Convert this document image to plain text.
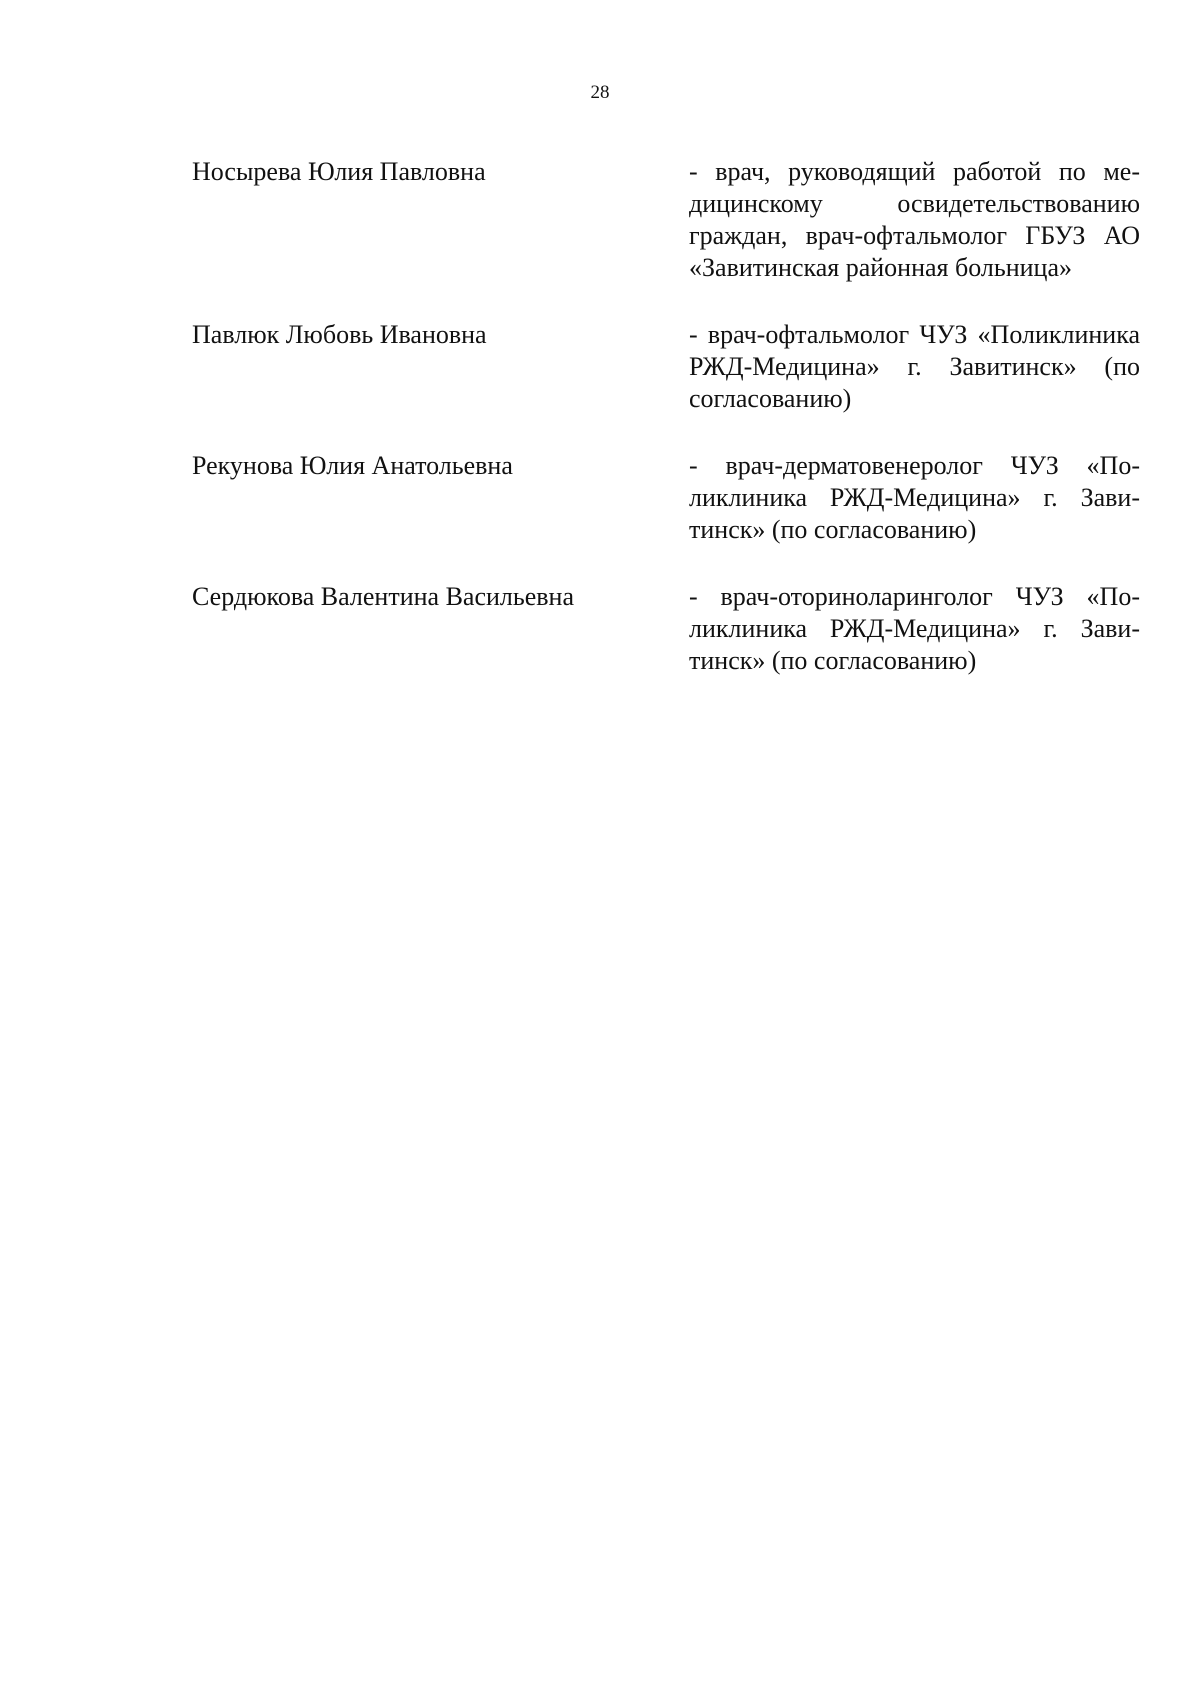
28
Носырева Юлия Павловна	- врач, руководящий работой по медицинскому освидетельствованию граждан, врач-офтальмолог ГБУЗ АО «Завитинская районная больница»
Павлюк Любовь Ивановна	- врач-офтальмолог ЧУЗ «Поликлиника РЖД-Медицина» г. Завитинск» (по согласованию)
Рекунова Юлия Анатольевна	- врач-дерматовенеролог ЧУЗ «Поликлиника РЖД-Медицина» г. Завитинск» (по согласованию)
Сердюкова Валентина Васильевна	- врач-оториноларинголог ЧУЗ «Поликлиника РЖД-Медицина» г. Завитинск» (по согласованию)
